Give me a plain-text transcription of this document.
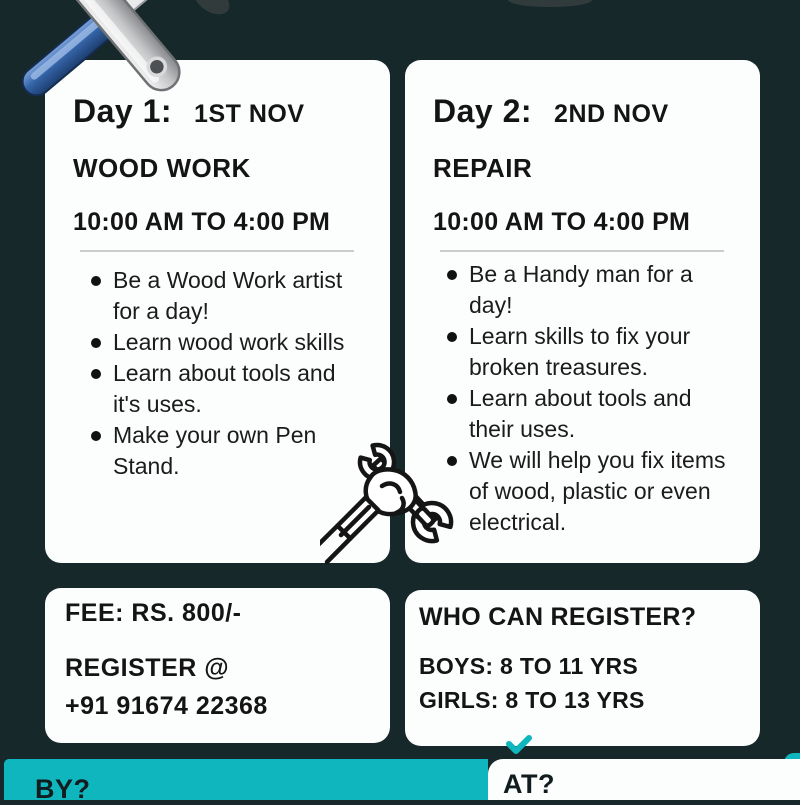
Day 1: 1ST NOV
WOOD WORK
10:00 AM TO 4:00 PM
Be a Wood Work artist for a day!
Learn wood work skills
Learn about tools and it's uses.
Make your own Pen Stand.
Day 2: 2ND NOV
REPAIR
10:00 AM TO 4:00 PM
Be a Handy man for a day!
Learn skills to fix your broken treasures.
Learn about tools and their uses.
We will help you fix items of wood, plastic or even electrical.
FEE: RS. 800/-
REGISTER @
+91 91674 22368
WHO CAN REGISTER?
BOYS: 8 TO 11 YRS
GIRLS: 8 TO 13 YRS
BY?	AT?
